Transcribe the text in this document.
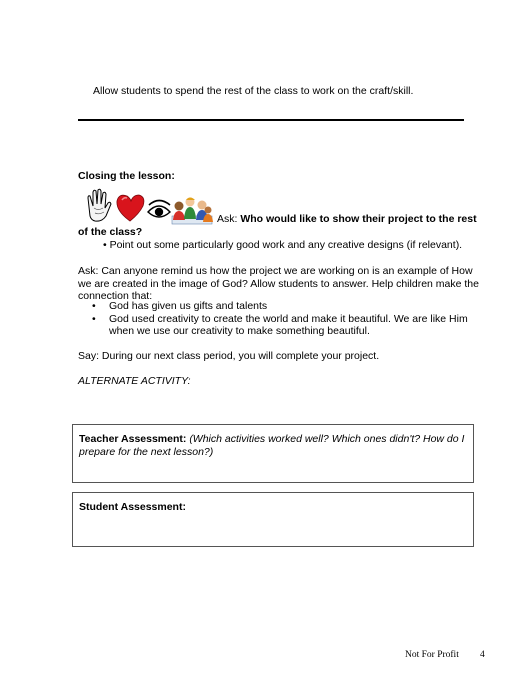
Allow students to spend the rest of the class to work on the craft/skill.
Closing the lesson:
Ask: Who would like to show their project to the rest
of the class?
• Point out some particularly good work and any creative designs (if relevant).
Ask: Can anyone remind us how the project we are working on is an example of How
we are created in the image of God? Allow students to answer. Help children make the
connection that:
• God has given us gifts and talents
• God used creativity to create the world and make it beautiful. We are like Him when we use our creativity to make something beautiful.
Say: During our next class period, you will complete your project.
ALTERNATE ACTIVITY:
Teacher Assessment: (Which activities worked well? Which ones didn't? How do I prepare for the next lesson?)
Student Assessment:
Not For Profit 4
